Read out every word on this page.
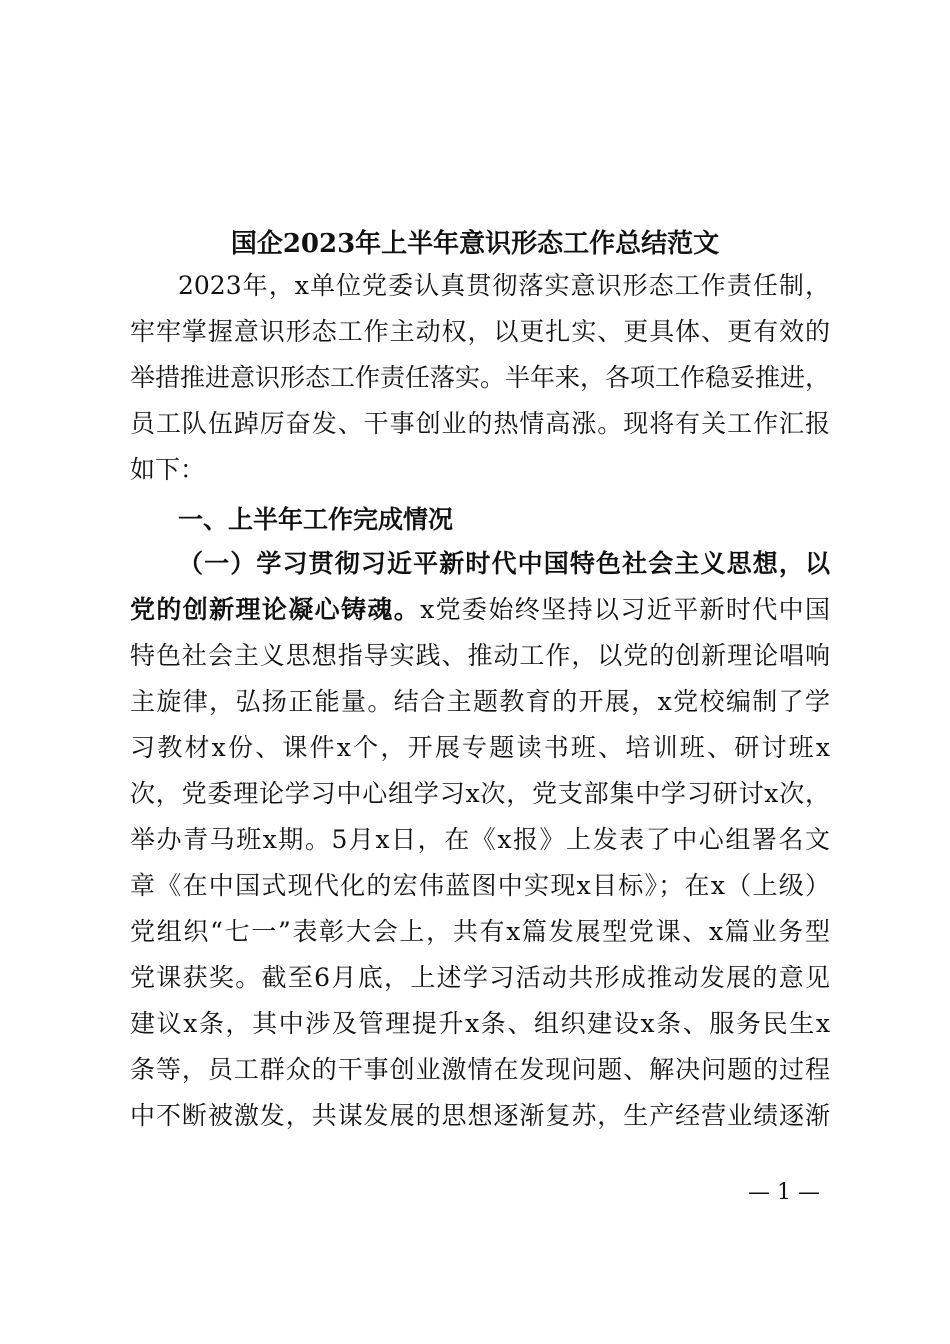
国企2023年上半年意识形态工作总结范文
2023年，x单位党委认真贯彻落实意识形态工作责任制，
牢牢掌握意识形态工作主动权，以更扎实、更具体、更有效的
举措推进意识形态工作责任落实。半年来，各项工作稳妥推进，
员工队伍踔厉奋发、干事创业的热情高涨。现将有关工作汇报
如下：
一、上半年工作完成情况
（一）学习贯彻习近平新时代中国特色社会主义思想，以
党的创新理论凝心铸魂。x党委始终坚持以习近平新时代中国
特色社会主义思想指导实践、推动工作，以党的创新理论唱响
主旋律，弘扬正能量。结合主题教育的开展，x党校编制了学
习教材x份、课件x个，开展专题读书班、培训班、研讨班x
次，党委理论学习中心组学习x次，党支部集中学习研讨x次，
举办青马班x期。5月x日，在《x报》上发表了中心组署名文
章《在中国式现代化的宏伟蓝图中实现x目标》；在x（上级）
党组织“七一”表彰大会上，共有x篇发展型党课、x篇业务型
党课获奖。截至6月底，上述学习活动共形成推动发展的意见
建议x条，其中涉及管理提升x条、组织建设x条、服务民生x
条等，员工群众的干事创业激情在发现问题、解决问题的过程
中不断被激发，共谋发展的思想逐渐复苏，生产经营业绩逐渐
— 1 —
